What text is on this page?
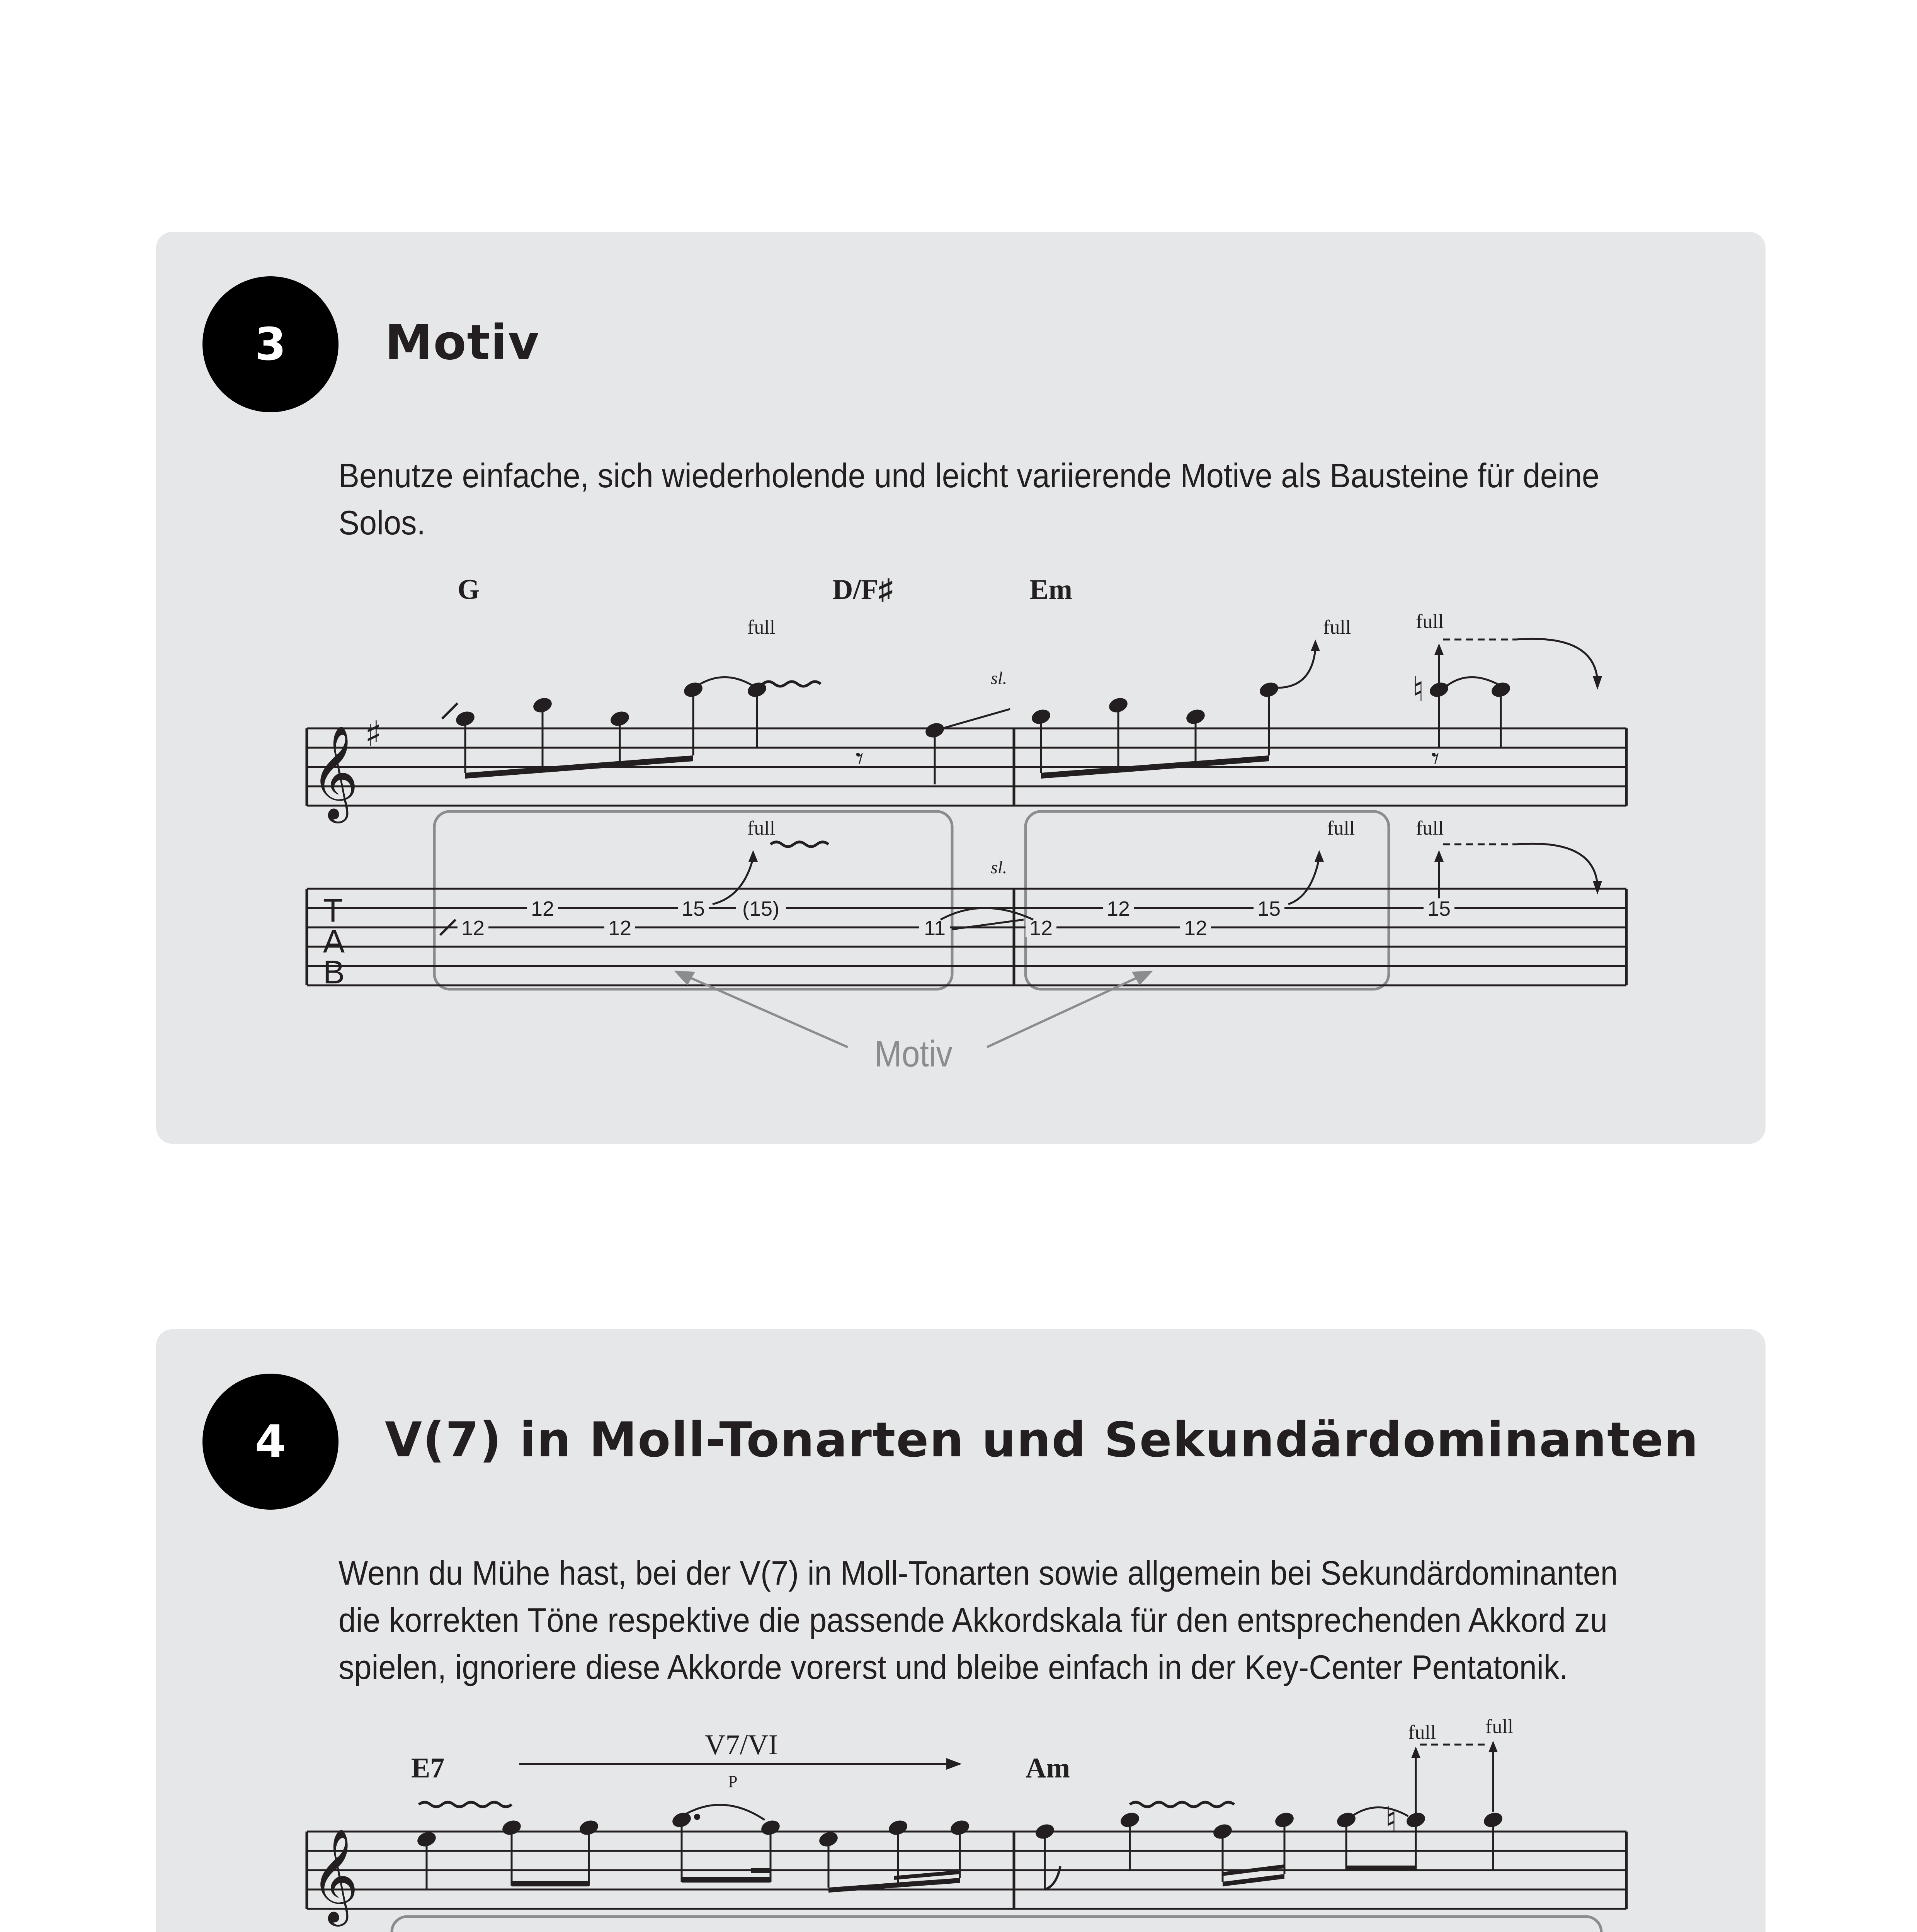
3 Motiv
Benutze einfache, sich wiederholende und leicht variierende Motive als Bausteine für deine Solos.
G	D/F♯	Em
full	full	full
sl.
𝄞 ♯
𝄾	𝄾
♮
T
A
B
12
12
12
15 (15)
11	12
12
12
15	15
full	full	full
sl.
Motiv
4 V(7) in Moll-Tonarten und Sekundärdominanten
Wenn du Mühe hast, bei der V(7) in Moll-Tonarten sowie allgemein bei Sekundärdominanten die korrekten Töne respektive die passende Akkordskala für den entsprechenden Akkord zu spielen, ignoriere diese Akkorde vorerst und bleibe einfach in der Key-Center Pentatonik.
E7	Am
V7/VI
P
full full
𝄞
♮
